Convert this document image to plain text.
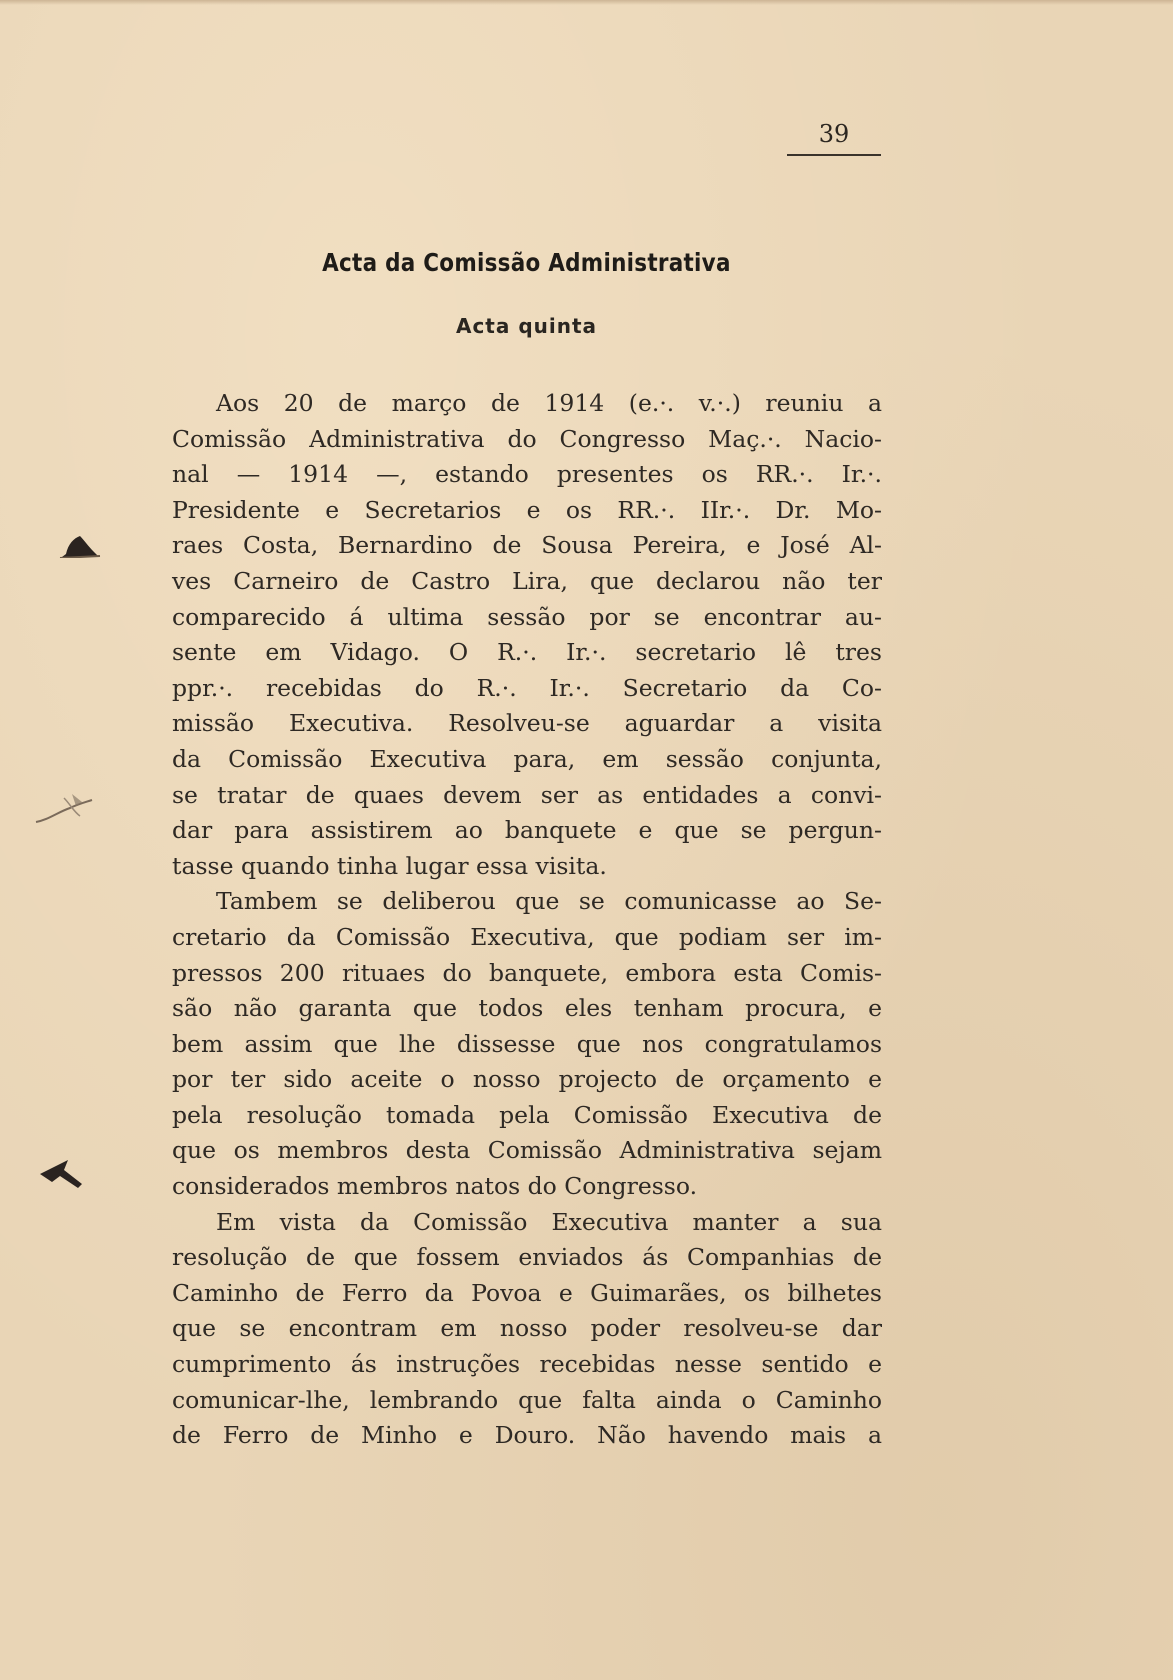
39
Acta da Comissão Administrativa
Acta quinta
Aos 20 de março de 1914 (e.·. v.·.) reuniu a
Comissão Administrativa do Congresso Maç.·. Nacio-
nal — 1914 —, estando presentes os RR.·. Ir.·.
Presidente e Secretarios e os RR.·. IIr.·. Dr. Mo-
raes Costa, Bernardino de Sousa Pereira, e José Al-
ves Carneiro de Castro Lira, que declarou não ter
comparecido á ultima sessão por se encontrar au-
sente em Vidago. O R.·. Ir.·. secretario lê tres
ppr.·. recebidas do R.·. Ir.·. Secretario da Co-
missão Executiva. Resolveu-se aguardar a visita
da Comissão Executiva para, em sessão conjunta,
se tratar de quaes devem ser as entidades a convi-
dar para assistirem ao banquete e que se pergun-
tasse quando tinha lugar essa visita.
Tambem se deliberou que se comunicasse ao Se-
cretario da Comissão Executiva, que podiam ser im-
pressos 200 rituaes do banquete, embora esta Comis-
são não garanta que todos eles tenham procura, e
bem assim que lhe dissesse que nos congratulamos
por ter sido aceite o nosso projecto de orçamento e
pela resolução tomada pela Comissão Executiva de
que os membros desta Comissão Administrativa sejam
considerados membros natos do Congresso.
Em vista da Comissão Executiva manter a sua
resolução de que fossem enviados ás Companhias de
Caminho de Ferro da Povoa e Guimarães, os bilhetes
que se encontram em nosso poder resolveu-se dar
cumprimento ás instruções recebidas nesse sentido e
comunicar-lhe, lembrando que falta ainda o Caminho
de Ferro de Minho e Douro. Não havendo mais a
